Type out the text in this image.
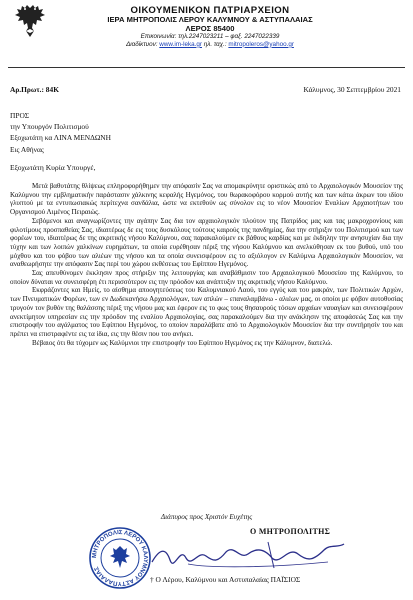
ΟΙΚΟΥΜΕΝΙΚΟΝ ΠΑΤΡΙΑΡΧΕΙΟΝ
ΙΕΡΑ ΜΗΤΡΟΠΟΛΙΣ ΛΕΡΟΥ ΚΑΛΥΜΝΟΥ & ΑΣΤΥΠΑΛΑΙΑΣ
ΛΕΡΟΣ 85400
Επικοινωνία: τηλ.2247023211 – φαξ. 2247022339
Διαδίκτυον: www.im-leka.gr ηλ. ταχ.: mitropoleros@yahoo.gr
Αρ.Πρωτ.: 84Κ	Κάλυμνος, 30 Σεπτεμβρίου 2021
ΠΡΟΣ
την Υπουργόν Πολιτισμού
Εξοχωτάτη κα ΛΙΝΑ ΜΕΝΔΩΝΗ
Εις Αθήνας
Εξοχωτάτη Κυρία Υπουργέ,

Μετά βαθυτάτης θλίψεως επληροφορήθημεν την απόφασίν Σας να απομακρύνητε οριστικώς από το Αρχαιολογικόν Μουσείον της Καλύμνου την εμβληματικήν παράστασιν χάλκινης κεφαλής Ηγεμόνος, του θωρακοφόρου κορμού αυτής και των κάτω άκρων του ιδίου γλυπτού με τα εντυπωσιακώς περίτεχνα σανδάλια, ώστε να εκτεθούν ως σύνολον εις το νέον Μουσείον Εναλίων Αρχαιοτήτων του Οργανισμού Λιμένος Πειραιώς.

Σεβόμενοι και αναγνωρίζοντες την αγάπην Σας δια τον αρχαιολογικόν πλούτον της Πατρίδος μας και τας μακροχρονίους και φιλοτίμους προσπαθείας Σας, ιδιαιτέρως δε εις τους δυσκόλους τούτους καιρούς της πανδημίας, δια την στήριξιν του Πολιτισμού και των φορέων του, ιδιαιτέρως δε της ακριτικής νήσου Καλύμνου, σας παρακαλούμεν εκ βάθους καρδίας και με έκδηλην την ανησυχίαν δια την τύχην και των λοιπών χαλκίνων ευρημάτων, τα οποία ευρέθησαν πέριξ της νήσου Καλύμνου και ανελκύθησαν εκ του βυθού, υπό του μόχθου και του φόβου των αλιέων της νήσου και τα οποία συνεισφέρουν εις το αξιόλογον εν Καλύμνω Αρχαιολογικόν Μουσείον, να αναθεωρήσητε την απόφασιν Σας περί του χώρου εκθέσεως του Εφίππου Ηγεμόνος.

Σας απευθύνομεν έκκλησιν προς στήριξιν της λειτουργίας και αναβάθμισιν του Αρχαιολογικού Μουσείου της Καλύμνου, το οποίον δύναται να συνεισφέρη έτι περισσότερον εις την πρόοδον και ανάπτυξιν της ακριτικής νήσου Καλύμνου.

Εκφράζοντες και Ημείς, το αίσθημα αποογητεύσεως του Καλυμνιακού Λαού, του εγγύς και του μακράν, των Πολιτικών Αρχών, των Πνευματικών Φορέων, των εν Δωδεκανήσω Αρχαιολόγων, των απλών – επαναλαμβάνω - αλιέων μας, οι οποίοι με φόβον αυτοθυσίας τρυγούν τον βυθόν της θαλάσσης πέριξ της νήσου μας και έφερον εις το φως τους θησαυρούς τόσων αρχαίων ναυαγίων και συνεισφέρουν ανεκτίμητον υπηρεσίαν εις την πρόοδον της εναλίου Αρχαιολογίας, σας παρακαλούμεν δια την ανάκλησιν της αποφάσεώς Σας και την επιστροφήν του αγάλματος του Εφίππου Ηγεμόνος, το οποίον παραλάβατε από το Αρχαιολογικόν Μουσείον δια την συντήρησίν του και πρέπει να επιστραφέντε εις τα ίδια, εις την θέσιν που του ανήκει.

Βέβαιος ότι θα τύχομεν ως Καλύμνιοι την επιστροφήν του Εφίππου Ηγεμόνος εις την Κάλυμνον, διατελώ.

Διάπυρος προς Χριστόν Ευχέτης
Ο ΜΗΤΡΟΠΟΛΙΤΗΣ
ΜΗΤΡΟΠΟΛΙΣ ΛΕΡΟΥ ΚΑΛΥΜΝΟΥ ΑΣΤΥΠΑΛΑΙΑΣ
† Ο Λέρου, Καλύμνου και Αστυπαλαίας ΠΑΪΣΙΟΣ
